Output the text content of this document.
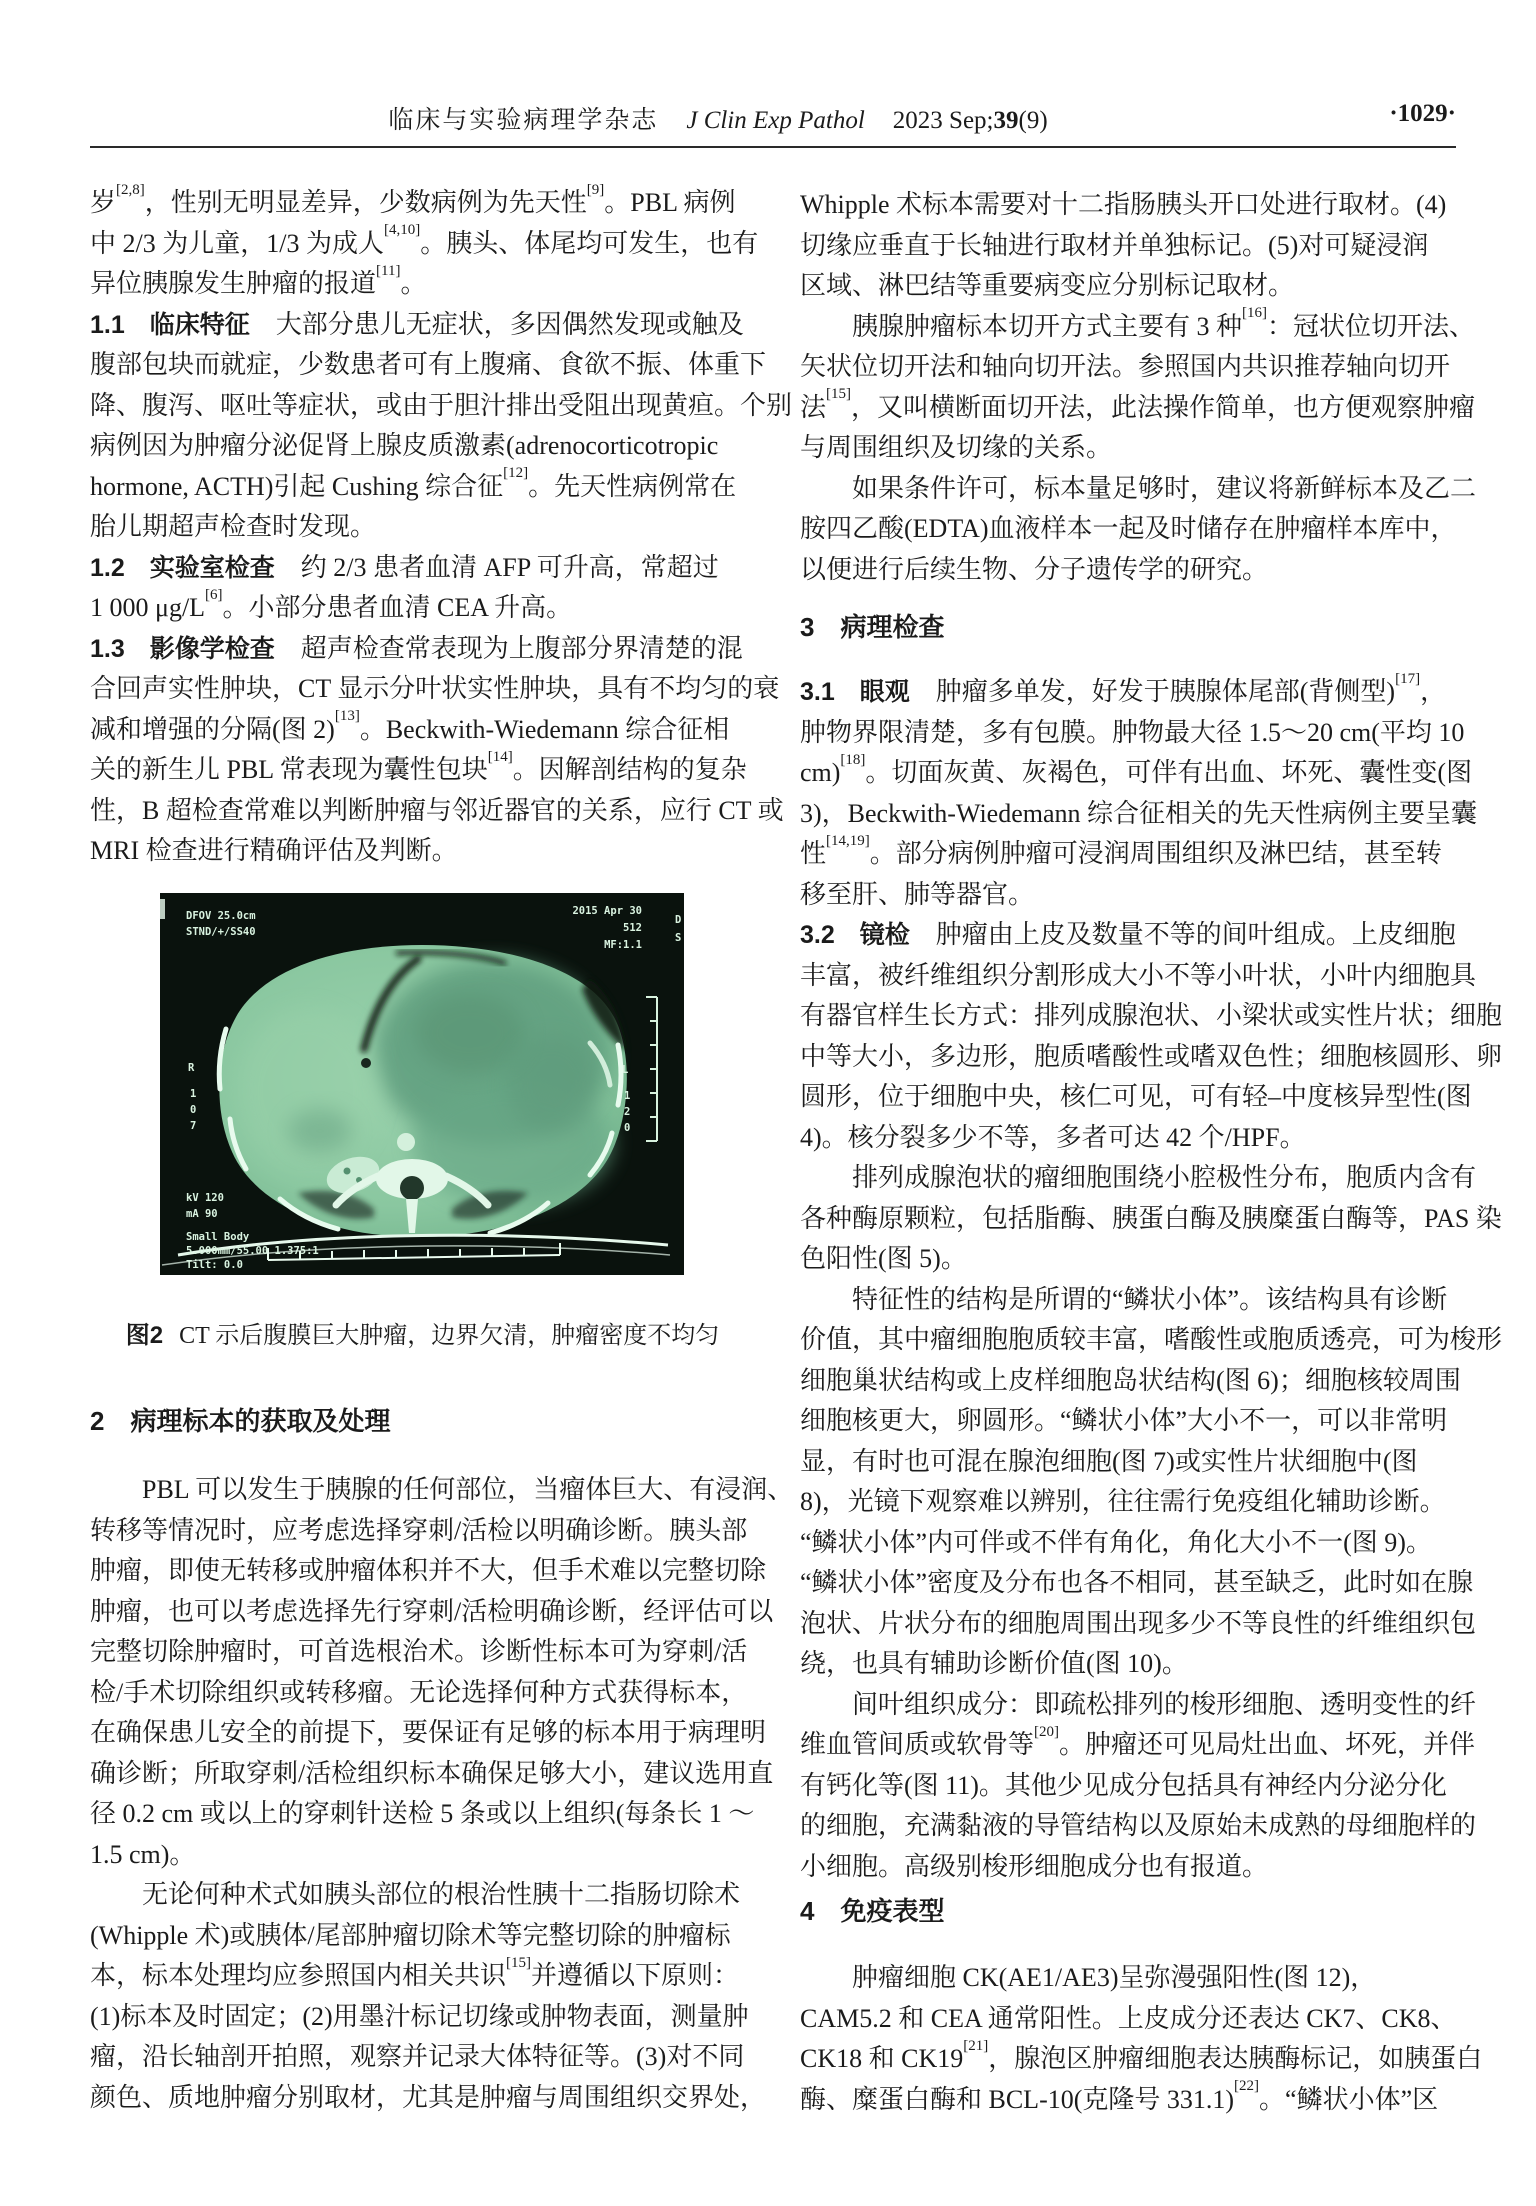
临床与实验病理学杂志 J Clin Exp Pathol 2023 Sep;39(9)	·1029·
岁[2,8]，性别无明显差异，少数病例为先天性[9]。PBL 病例
中 2/3 为儿童，1/3 为成人[4,10]。胰头、体尾均可发生，也有
异位胰腺发生肿瘤的报道[11]。
1.1　临床特征　大部分患儿无症状，多因偶然发现或触及
腹部包块而就症，少数患者可有上腹痛、食欲不振、体重下
降、腹泻、呕吐等症状，或由于胆汁排出受阻出现黄疸。个别
病例因为肿瘤分泌促肾上腺皮质激素(adrenocorticotropic
hormone, ACTH)引起 Cushing 综合征[12]。先天性病例常在
胎儿期超声检查时发现。
1.2　实验室检查　约 2/3 患者血清 AFP 可升高，常超过
1 000 μg/L[6]。小部分患者血清 CEA 升高。
1.3　影像学检查　超声检查常表现为上腹部分界清楚的混
合回声实性肿块，CT 显示分叶状实性肿块，具有不均匀的衰
减和增强的分隔(图 2)[13]。Beckwith-Wiedemann 综合征相
关的新生儿 PBL 常表现为囊性包块[14]。因解剖结构的复杂
性，B 超检查常难以判断肿瘤与邻近器官的关系，应行 CT 或
MRI 检查进行精确评估及判断。
DFOV 25.0cm
STND/+/SS40
2015 Apr 30
512
MF:1.1
D
S
R
1
0
7
L
1
2
0
kV 120
mA 90
Small Body
5.000mm/55.00 1.375:1
Tilt: 0.0
图2 CT 示后腹膜巨大肿瘤，边界欠清，肿瘤密度不均匀
2　病理标本的获取及处理
　　PBL 可以发生于胰腺的任何部位，当瘤体巨大、有浸润、
转移等情况时，应考虑选择穿刺/活检以明确诊断。胰头部
肿瘤，即使无转移或肿瘤体积并不大，但手术难以完整切除
肿瘤，也可以考虑选择先行穿刺/活检明确诊断，经评估可以
完整切除肿瘤时，可首选根治术。诊断性标本可为穿刺/活
检/手术切除组织或转移瘤。无论选择何种方式获得标本，
在确保患儿安全的前提下，要保证有足够的标本用于病理明
确诊断；所取穿刺/活检组织标本确保足够大小，建议选用直
径 0.2 cm 或以上的穿刺针送检 5 条或以上组织(每条长 1 ～
1.5 cm)。
　　无论何种术式如胰头部位的根治性胰十二指肠切除术
(Whipple 术)或胰体/尾部肿瘤切除术等完整切除的肿瘤标
本，标本处理均应参照国内相关共识[15]并遵循以下原则：
(1)标本及时固定；(2)用墨汁标记切缘或肿物表面，测量肿
瘤，沿长轴剖开拍照，观察并记录大体特征等。(3)对不同
颜色、质地肿瘤分别取材，尤其是肿瘤与周围组织交界处，
Whipple 术标本需要对十二指肠胰头开口处进行取材。(4)
切缘应垂直于长轴进行取材并单独标记。(5)对可疑浸润
区域、淋巴结等重要病变应分别标记取材。
　　胰腺肿瘤标本切开方式主要有 3 种[16]：冠状位切开法、
矢状位切开法和轴向切开法。参照国内共识推荐轴向切开
法[15]，又叫横断面切开法，此法操作简单，也方便观察肿瘤
与周围组织及切缘的关系。
　　如果条件许可，标本量足够时，建议将新鲜标本及乙二
胺四乙酸(EDTA)血液样本一起及时储存在肿瘤样本库中，
以便进行后续生物、分子遗传学的研究。
3　病理检查
3.1　眼观　肿瘤多单发，好发于胰腺体尾部(背侧型)[17]，
肿物界限清楚，多有包膜。肿物最大径 1.5～20 cm(平均 10
cm)[18]。切面灰黄、灰褐色，可伴有出血、坏死、囊性变(图
3)，Beckwith-Wiedemann 综合征相关的先天性病例主要呈囊
性[14,19]。部分病例肿瘤可浸润周围组织及淋巴结，甚至转
移至肝、肺等器官。
3.2　镜检　肿瘤由上皮及数量不等的间叶组成。上皮细胞
丰富，被纤维组织分割形成大小不等小叶状，小叶内细胞具
有器官样生长方式：排列成腺泡状、小梁状或实性片状；细胞
中等大小，多边形，胞质嗜酸性或嗜双色性；细胞核圆形、卵
圆形，位于细胞中央，核仁可见，可有轻–中度核异型性(图
4)。核分裂多少不等，多者可达 42 个/HPF。
　　排列成腺泡状的瘤细胞围绕小腔极性分布，胞质内含有
各种酶原颗粒，包括脂酶、胰蛋白酶及胰糜蛋白酶等，PAS 染
色阳性(图 5)。
　　特征性的结构是所谓的“鳞状小体”。该结构具有诊断
价值，其中瘤细胞胞质较丰富，嗜酸性或胞质透亮，可为梭形
细胞巢状结构或上皮样细胞岛状结构(图 6)；细胞核较周围
细胞核更大，卵圆形。“鳞状小体”大小不一，可以非常明
显，有时也可混在腺泡细胞(图 7)或实性片状细胞中(图
8)，光镜下观察难以辨别，往往需行免疫组化辅助诊断。
“鳞状小体”内可伴或不伴有角化，角化大小不一(图 9)。
“鳞状小体”密度及分布也各不相同，甚至缺乏，此时如在腺
泡状、片状分布的细胞周围出现多少不等良性的纤维组织包
绕，也具有辅助诊断价值(图 10)。
　　间叶组织成分：即疏松排列的梭形细胞、透明变性的纤
维血管间质或软骨等[20]。肿瘤还可见局灶出血、坏死，并伴
有钙化等(图 11)。其他少见成分包括具有神经内分泌分化
的细胞，充满黏液的导管结构以及原始未成熟的母细胞样的
小细胞。高级别梭形细胞成分也有报道。
4　免疫表型
　　肿瘤细胞 CK(AE1/AE3)呈弥漫强阳性(图 12)，
CAM5.2 和 CEA 通常阳性。上皮成分还表达 CK7、CK8、
CK18 和 CK19[21]，腺泡区肿瘤细胞表达胰酶标记，如胰蛋白
酶、糜蛋白酶和 BCL-10(克隆号 331.1)[22]。“鳞状小体”区
